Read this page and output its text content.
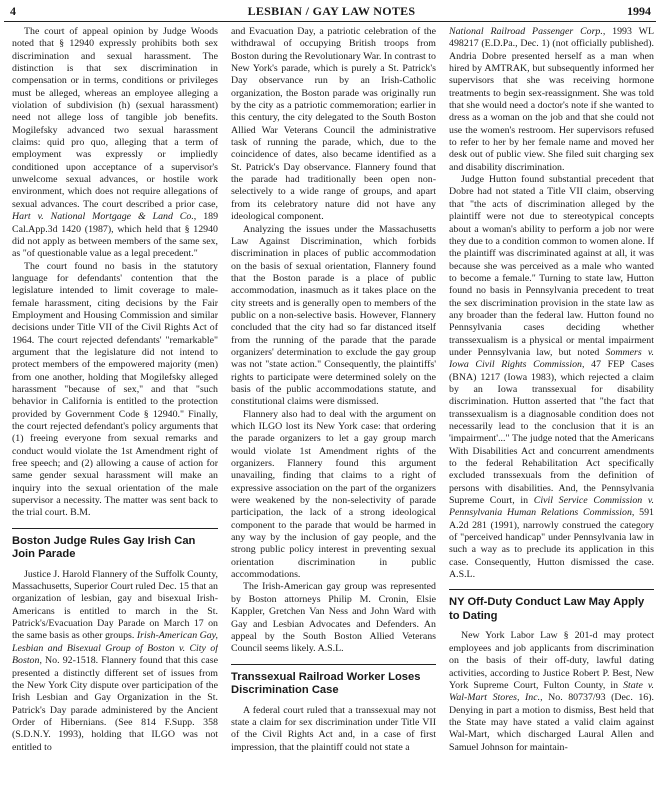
4	LESBIAN / GAY LAW NOTES	1994

The court of appeal opinion by Judge Woods noted that § 12940 expressly prohibits both sex discrimination and sexual harassment. The distinction is that sex discrimination in compensation or in terms, conditions or privileges must be alleged, whereas an employee alleging a violation of subdivision (h) (sexual harassment) need not allege loss of tangible job benefits. Mogilefsky advanced two sexual harassment claims: quid pro quo, alleging that a term of employment was expressly or impliedly conditioned upon acceptance of a supervisor's unwelcome sexual advances, or hostile work environment, which does not require allegations of sexual advances. The court described a prior case, Hart v. National Mortgage & Land Co., 189 Cal.App.3d 1420 (1987), which held that § 12940 did not apply as between members of the same sex, as "of questionable value as a legal precedent."

The court found no basis in the statutory language for defendants' contention that the legislature intended to limit coverage to male-female harassment, citing decisions by the Fair Employment and Housing Commission and similar decisions under Title VII of the Civil Rights Act of 1964. The court rejected defendants' "remarkable" argument that the legislature did not intend to protect members of the empowered majority (men) from one another, holding that Mogilefsky alleged harassment "because of sex," and that "such behavior in California is entitled to the protection provided by Government Code § 12940." Finally, the court rejected defendant's policy arguments that (1) freeing everyone from sexual remarks and conduct would violate the 1st Amendment right of free speech; and (2) allowing a cause of action for same gender sexual harassment will make an inquiry into the sexual orientation of the male supervisor a necessity. The matter was sent back to the trial court. B.M.

Boston Judge Rules Gay Irish Can Join Parade

Justice J. Harold Flannery of the Suffolk County, Massachusetts, Superior Court ruled Dec. 15 that an organization of lesbian, gay and bisexual Irish-Americans is entitled to march in the St. Patrick's/Evacuation Day Parade on March 17 on the same basis as other groups. Irish-American Gay, Lesbian and Bisexual Group of Boston v. City of Boston, No. 92-1518. Flannery found that this case presented a distinctly different set of issues from the New York City dispute over participation of the Irish Lesbian and Gay Organization in the St. Patrick's Day parade administered by the Ancient Order of Hibernians. (See 814 F.Supp. 358 (S.D.N.Y. 1993), holding that ILGO was not entitled to

and Evacuation Day, a patriotic celebration of the withdrawal of occupying British troops from Boston during the Revolutionary War. In contrast to New York's parade, which is purely a St. Patrick's Day observance run by an Irish-Catholic organization, the Boston parade was originally run by the city as a patriotic commemoration; earlier in this century, the city delegated to the South Boston Allied War Veterans Council the administrative task of running the parade, which, due to the coincidence of dates, also became identified as a St. Patrick's Day observance. Flannery found that the parade had traditionally been open non-selectively to a wide range of groups, and apart from its celebratory nature did not have any ideological component.

Analyzing the issues under the Massachusetts Law Against Discrimination, which forbids discrimination in places of public accommodation on the basis of sexual orientation, Flannery found that the Boston parade is a place of public accommodation, inasmuch as it takes place on the city streets and is generally open to members of the public on a non-selective basis. However, Flannery concluded that the city had so far distanced itself from the running of the parade that the parade organizers' determination to exclude the gay group was not "state action." Consequently, the plaintiffs' rights to participate were determined solely on the basis of the public accommodations statute, and constitutional claims were dismissed.

Flannery also had to deal with the argument on which ILGO lost its New York case: that ordering the parade organizers to let a gay group march would violate 1st Amendment rights of the organizers. Flannery found this argument unavailing, finding that claims to a right of expressive association on the part of the organizers were weakened by the non-selectivity of parade participation, the lack of a strong ideological component to the parade that would be harmed in any way by the inclusion of gay people, and the strong public policy interest in preventing sexual orientation discrimination in public accommodations.

The Irish-American gay group was represented by Boston attorneys Philip M. Cronin, Elsie Kappler, Gretchen Van Ness and John Ward with Gay and Lesbian Advocates and Defenders. An appeal by the South Boston Allied Veterans Council seems likely. A.S.L.

Transsexual Railroad Worker Loses Discrimination Case

A federal court ruled that a transsexual may not state a claim for sex discrimination under Title VII of the Civil Rights Act and, in a case of first impression, that the plaintiff could not state a

National Railroad Passenger Corp., 1993 WL 498217 (E.D.Pa., Dec. 1) (not officially published). Andria Dobre presented herself as a man when hired by AMTRAK, but subsequently informed her supervisors that she was receiving hormone treatments to begin sex-reassignment. She was told that she would need a doctor's note if she wanted to dress as a woman on the job and that she could not use the women's restroom. Her supervisors refused to refer to her by her female name and moved her desk out of public view. She filed suit charging sex and disability discrimination.

Judge Hutton found substantial precedent that Dobre had not stated a Title VII claim, observing that "the acts of discrimination alleged by the plaintiff were not due to stereotypical concepts about a woman's ability to perform a job nor were they due to a condition common to women alone. If the plaintiff was discriminated against at all, it was because she was perceived as a male who wanted to become a female." Turning to state law, Hutton found no basis in Pennsylvania precedent to treat the sex discrimination provision in the state law as any broader than the federal law. Hutton found no Pennsylvania cases deciding whether transsexualism is a physical or mental impairment under Pennsylvania law, but noted Sommers v. Iowa Civil Rights Commission, 47 FEP Cases (BNA) 1217 (Iowa 1983), which rejected a claim by an Iowa transsexual for disability discrimination. Hutton asserted that "the fact that transsexualism is a diagnosable condition does not necessarily lead to the conclusion that it is an 'impairment'..." The judge noted that the Americans With Disabilities Act and concurrent amendments to the federal Rehabilitation Act specifically excluded transsexuals from the definition of persons with disabilities. And, the Pennsylvania Supreme Court, in Civil Service Commission v. Pennsylvania Human Relations Commission, 591 A.2d 281 (1991), narrowly construed the category of "perceived handicap" under Pennsylvania law in such a way as to preclude its application in this case. Consequently, Hutton dismissed the case. A.S.L.

NY Off-Duty Conduct Law May Apply to Dating

New York Labor Law § 201-d may protect employees and job applicants from discrimination on the basis of their off-duty, lawful dating activities, according to Justice Robert P. Best, New York Supreme Court, Fulton County, in State v. Wal-Mart Stores, Inc., No. 80737/93 (Dec. 16). Denying in part a motion to dismiss, Best held that the State may have stated a valid claim against Wal-Mart, which discharged Laural Allen and Samuel Johnson for maintain-
